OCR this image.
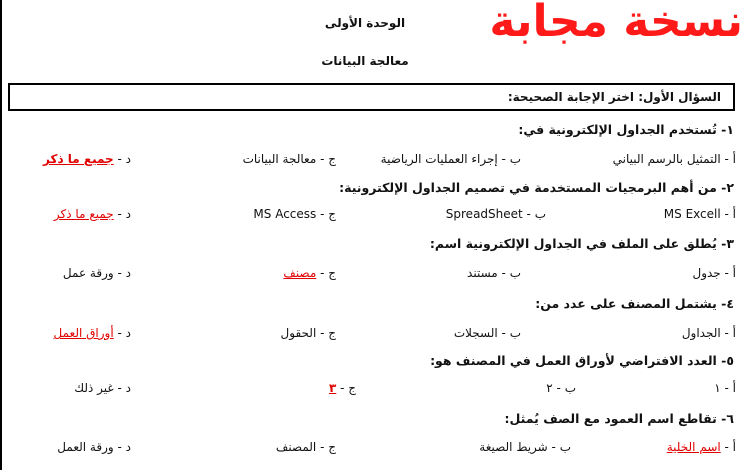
نسخة مجابة
الوحدة الأولى
معالجة البيانات
السؤال الأول: اختر الإجابة الصحيحة:
١- تُستخدم الجداول الإلكترونية في:
أ - التمثيل بالرسم البياني
ب - إجراء العمليات الرياضية
ج - معالجة البيانات
د - جميع ما ذكر
٢- من أهم البرمجيات المستخدمة في تصميم الجداول الإلكترونية:
أ - MS Excell
ب - SpreadSheet
ج - MS Access
د - جميع ما ذكر
٣- يُطلق على الملف في الجداول الإلكترونية اسم:
أ - جدول
ب - مستند
ج - مصنف
د - ورقة عمل
٤- يشتمل المصنف على عدد من:
أ - الجداول
ب - السجلات
ج - الحقول
د - أوراق العمل
٥- العدد الافتراضي لأوراق العمل في المصنف هو:
أ - ١
ب - ٢
ج - ٣
د - غير ذلك
٦- تقاطع اسم العمود مع الصف يُمثل:
أ - اسم الخلية
ب - شريط الصيغة
ج - المصنف
د - ورقة العمل
